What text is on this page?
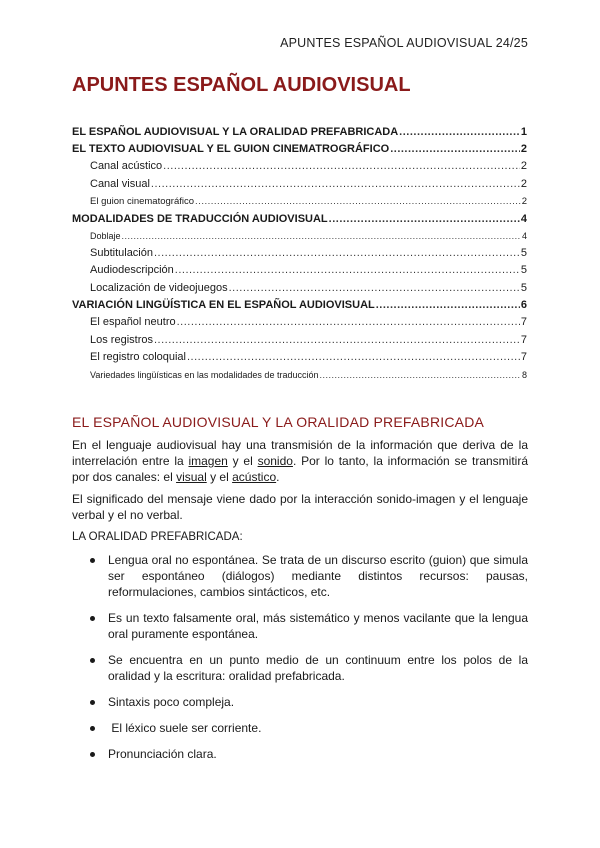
APUNTES ESPAÑOL AUDIOVISUAL 24/25
APUNTES ESPAÑOL AUDIOVISUAL
EL ESPAÑOL AUDIOVISUAL Y LA ORALIDAD PREFABRICADA .....	1
EL TEXTO AUDIOVISUAL Y EL GUION CINEMATROGRÁFICO .....	2
Canal acústico .....	2
Canal visual .....	2
El guion cinematográfico .....	2
MODALIDADES DE TRADUCCIÓN AUDIOVISUAL .....	4
Doblaje .....	4
Subtitulación .....	5
Audiodescripción .....	5
Localización de videojuegos .....	5
VARIACIÓN LINGÜÍSTICA EN EL ESPAÑOL AUDIOVISUAL .....	6
El español neutro .....	7
Los registros .....	7
El registro coloquial .....	7
Variedades lingüísticas en las modalidades de traducción .....	8
EL ESPAÑOL AUDIOVISUAL Y LA ORALIDAD PREFABRICADA

En el lenguaje audiovisual hay una transmisión de la información que deriva de la interrelación entre la imagen y el sonido. Por lo tanto, la información se transmitirá por dos canales: el visual y el acústico.

El significado del mensaje viene dado por la interacción sonido-imagen y el lenguaje verbal y el no verbal.

LA ORALIDAD PREFABRICADA:

Lengua oral no espontánea. Se trata de un discurso escrito (guion) que simula ser espontáneo (diálogos) mediante distintos recursos: pausas, reformulaciones, cambios sintácticos, etc.
Es un texto falsamente oral, más sistemático y menos vacilante que la lengua oral puramente espontánea.
Se encuentra en un punto medio de un continuum entre los polos de la oralidad y la escritura: oralidad prefabricada.
Sintaxis poco compleja.
El léxico suele ser corriente.
Pronunciación clara.
